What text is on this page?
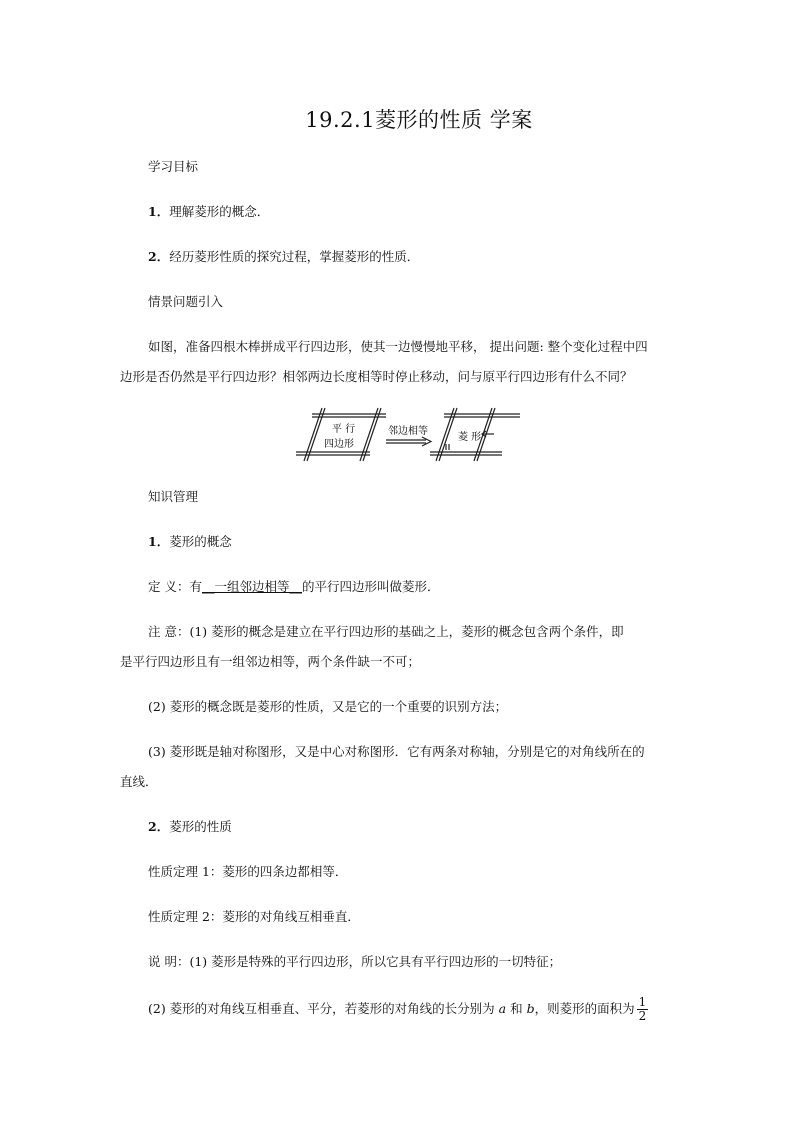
19.2.1菱形的性质 学案
学习目标
1．理解菱形的概念．
2．经历菱形性质的探究过程，掌握菱形的性质．
情景问题引入
如图，准备四根木棒拼成平行四边形，使其一边慢慢地平移， 提出问题: 整个变化过程中四
边形是否仍然是平行四边形？相邻两边长度相等时停止移动，问与原平行四边形有什么不同？
平 行
四边形
邻边相等
菱 形
知识管理
1．菱形的概念
定 义：有__一组邻边相等__的平行四边形叫做菱形．
注 意：(1) 菱形的概念是建立在平行四边形的基础之上，菱形的概念包含两个条件，即
是平行四边形且有一组邻边相等，两个条件缺一不可；
(2) 菱形的概念既是菱形的性质，又是它的一个重要的识别方法；
(3) 菱形既是轴对称图形，又是中心对称图形．它有两条对称轴，分别是它的对角线所在的
直线．
2．菱形的性质
性质定理 1：菱形的四条边都相等．
性质定理 2：菱形的对角线互相垂直．
说 明：(1) 菱形是特殊的平行四边形，所以它具有平行四边形的一切特征；
(2) 菱形的对角线互相垂直、平分，若菱形的对角线的长分别为 a 和 b，则菱形的面积为 $\frac{1}{2}$
